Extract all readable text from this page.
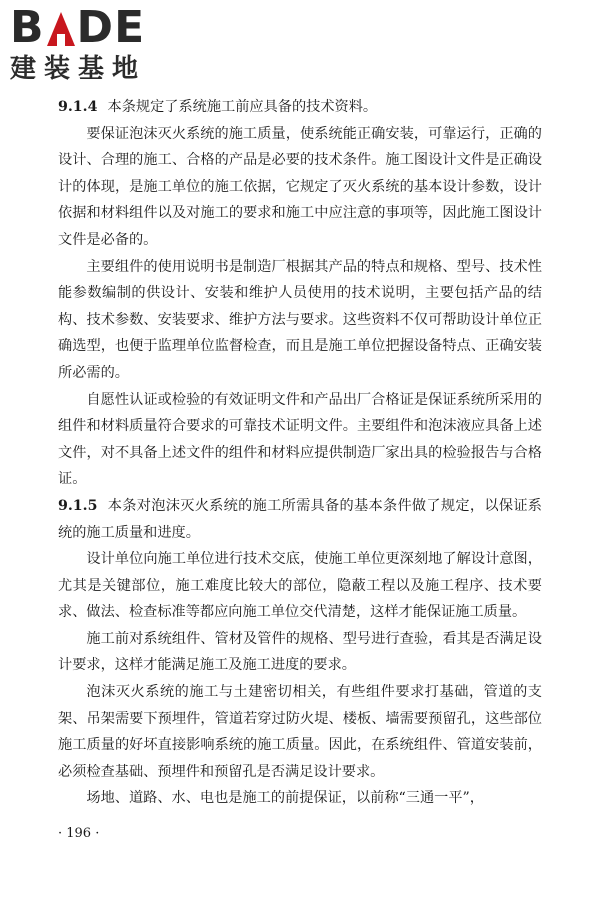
B DE
建装基地

9.1.4 本条规定了系统施工前应具备的技术资料。

要保证泡沫灭火系统的施工质量，使系统能正确安装，可靠运行，正确的设计、合理的施工、合格的产品是必要的技术条件。施工图设计文件是正确设计的体现，是施工单位的施工依据，它规定了灭火系统的基本设计参数，设计依据和材料组件以及对施工的要求和施工中应注意的事项等，因此施工图设计文件是必备的。

主要组件的使用说明书是制造厂根据其产品的特点和规格、型号、技术性能参数编制的供设计、安装和维护人员使用的技术说明，主要包括产品的结构、技术参数、安装要求、维护方法与要求。这些资料不仅可帮助设计单位正确选型，也便于监理单位监督检查，而且是施工单位把握设备特点、正确安装所必需的。

自愿性认证或检验的有效证明文件和产品出厂合格证是保证系统所采用的组件和材料质量符合要求的可靠技术证明文件。主要组件和泡沫液应具备上述文件，对不具备上述文件的组件和材料应提供制造厂家出具的检验报告与合格证。

9.1.5 本条对泡沫灭火系统的施工所需具备的基本条件做了规定，以保证系统的施工质量和进度。

设计单位向施工单位进行技术交底，使施工单位更深刻地了解设计意图，尤其是关键部位，施工难度比较大的部位，隐蔽工程以及施工程序、技术要求、做法、检查标准等都应向施工单位交代清楚，这样才能保证施工质量。

施工前对系统组件、管材及管件的规格、型号进行查验，看其是否满足设计要求，这样才能满足施工及施工进度的要求。

泡沫灭火系统的施工与土建密切相关，有些组件要求打基础，管道的支架、吊架需要下预埋件，管道若穿过防火堤、楼板、墙需要预留孔，这些部位施工质量的好坏直接影响系统的施工质量。因此，在系统组件、管道安装前，必须检查基础、预埋件和预留孔是否满足设计要求。

场地、道路、水、电也是施工的前提保证，以前称“三通一平”，

· 196 ·
